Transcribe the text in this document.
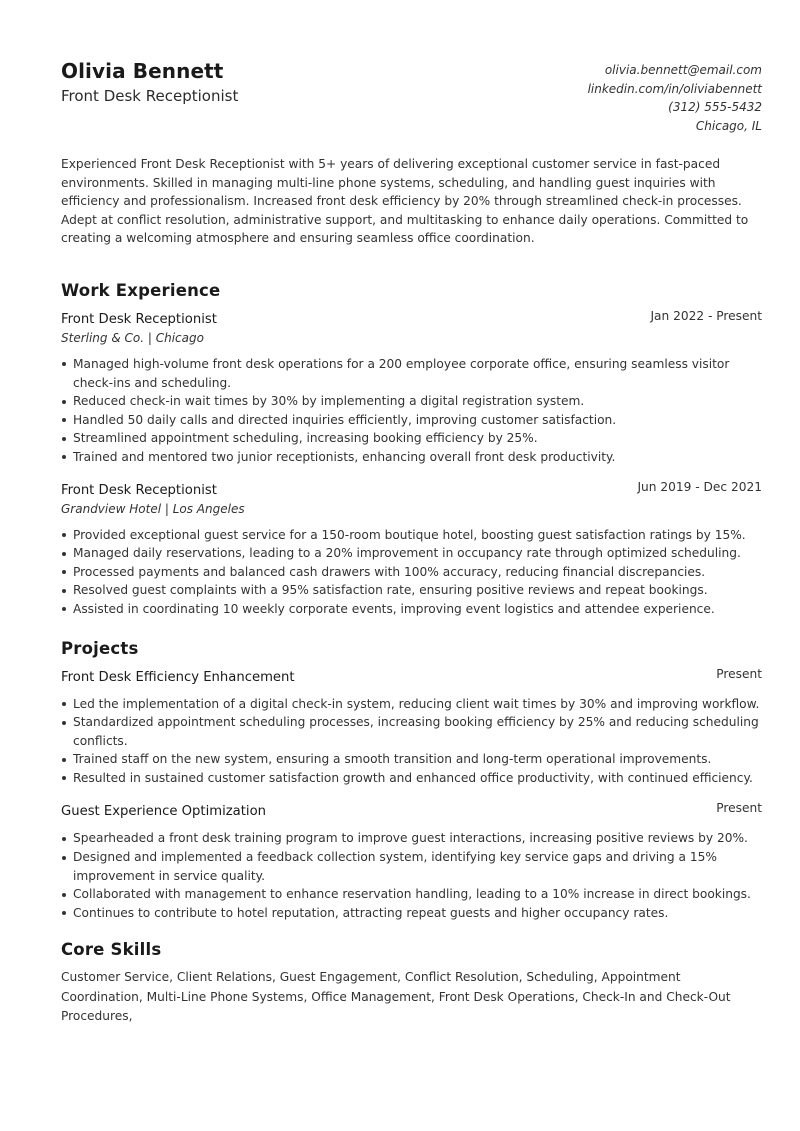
Olivia Bennett
Front Desk Receptionist
olivia.bennett@email.com
linkedin.com/in/oliviabennett
(312) 555-5432
Chicago, IL
Experienced Front Desk Receptionist with 5+ years of delivering exceptional customer service in fast-paced environments. Skilled in managing multi-line phone systems, scheduling, and handling guest inquiries with efficiency and professionalism. Increased front desk efficiency by 20% through streamlined check-in processes. Adept at conflict resolution, administrative support, and multitasking to enhance daily operations. Committed to creating a welcoming atmosphere and ensuring seamless office coordination.
Work Experience
Front Desk Receptionist	Jan 2022 - Present
Sterling & Co. | Chicago
Managed high-volume front desk operations for a 200 employee corporate office, ensuring seamless visitor check-ins and scheduling.
Reduced check-in wait times by 30% by implementing a digital registration system.
Handled 50 daily calls and directed inquiries efficiently, improving customer satisfaction.
Streamlined appointment scheduling, increasing booking efficiency by 25%.
Trained and mentored two junior receptionists, enhancing overall front desk productivity.
Front Desk Receptionist	Jun 2019 - Dec 2021
Grandview Hotel | Los Angeles
Provided exceptional guest service for a 150-room boutique hotel, boosting guest satisfaction ratings by 15%.
Managed daily reservations, leading to a 20% improvement in occupancy rate through optimized scheduling.
Processed payments and balanced cash drawers with 100% accuracy, reducing financial discrepancies.
Resolved guest complaints with a 95% satisfaction rate, ensuring positive reviews and repeat bookings.
Assisted in coordinating 10 weekly corporate events, improving event logistics and attendee experience.
Projects
Front Desk Efficiency Enhancement	Present
Led the implementation of a digital check-in system, reducing client wait times by 30% and improving workflow.
Standardized appointment scheduling processes, increasing booking efficiency by 25% and reducing scheduling conflicts.
Trained staff on the new system, ensuring a smooth transition and long-term operational improvements.
Resulted in sustained customer satisfaction growth and enhanced office productivity, with continued efficiency.
Guest Experience Optimization	Present
Spearheaded a front desk training program to improve guest interactions, increasing positive reviews by 20%.
Designed and implemented a feedback collection system, identifying key service gaps and driving a 15% improvement in service quality.
Collaborated with management to enhance reservation handling, leading to a 10% increase in direct bookings.
Continues to contribute to hotel reputation, attracting repeat guests and higher occupancy rates.
Core Skills
Customer Service, Client Relations, Guest Engagement, Conflict Resolution, Scheduling, Appointment Coordination, Multi-Line Phone Systems, Office Management, Front Desk Operations, Check-In and Check-Out Procedures,
